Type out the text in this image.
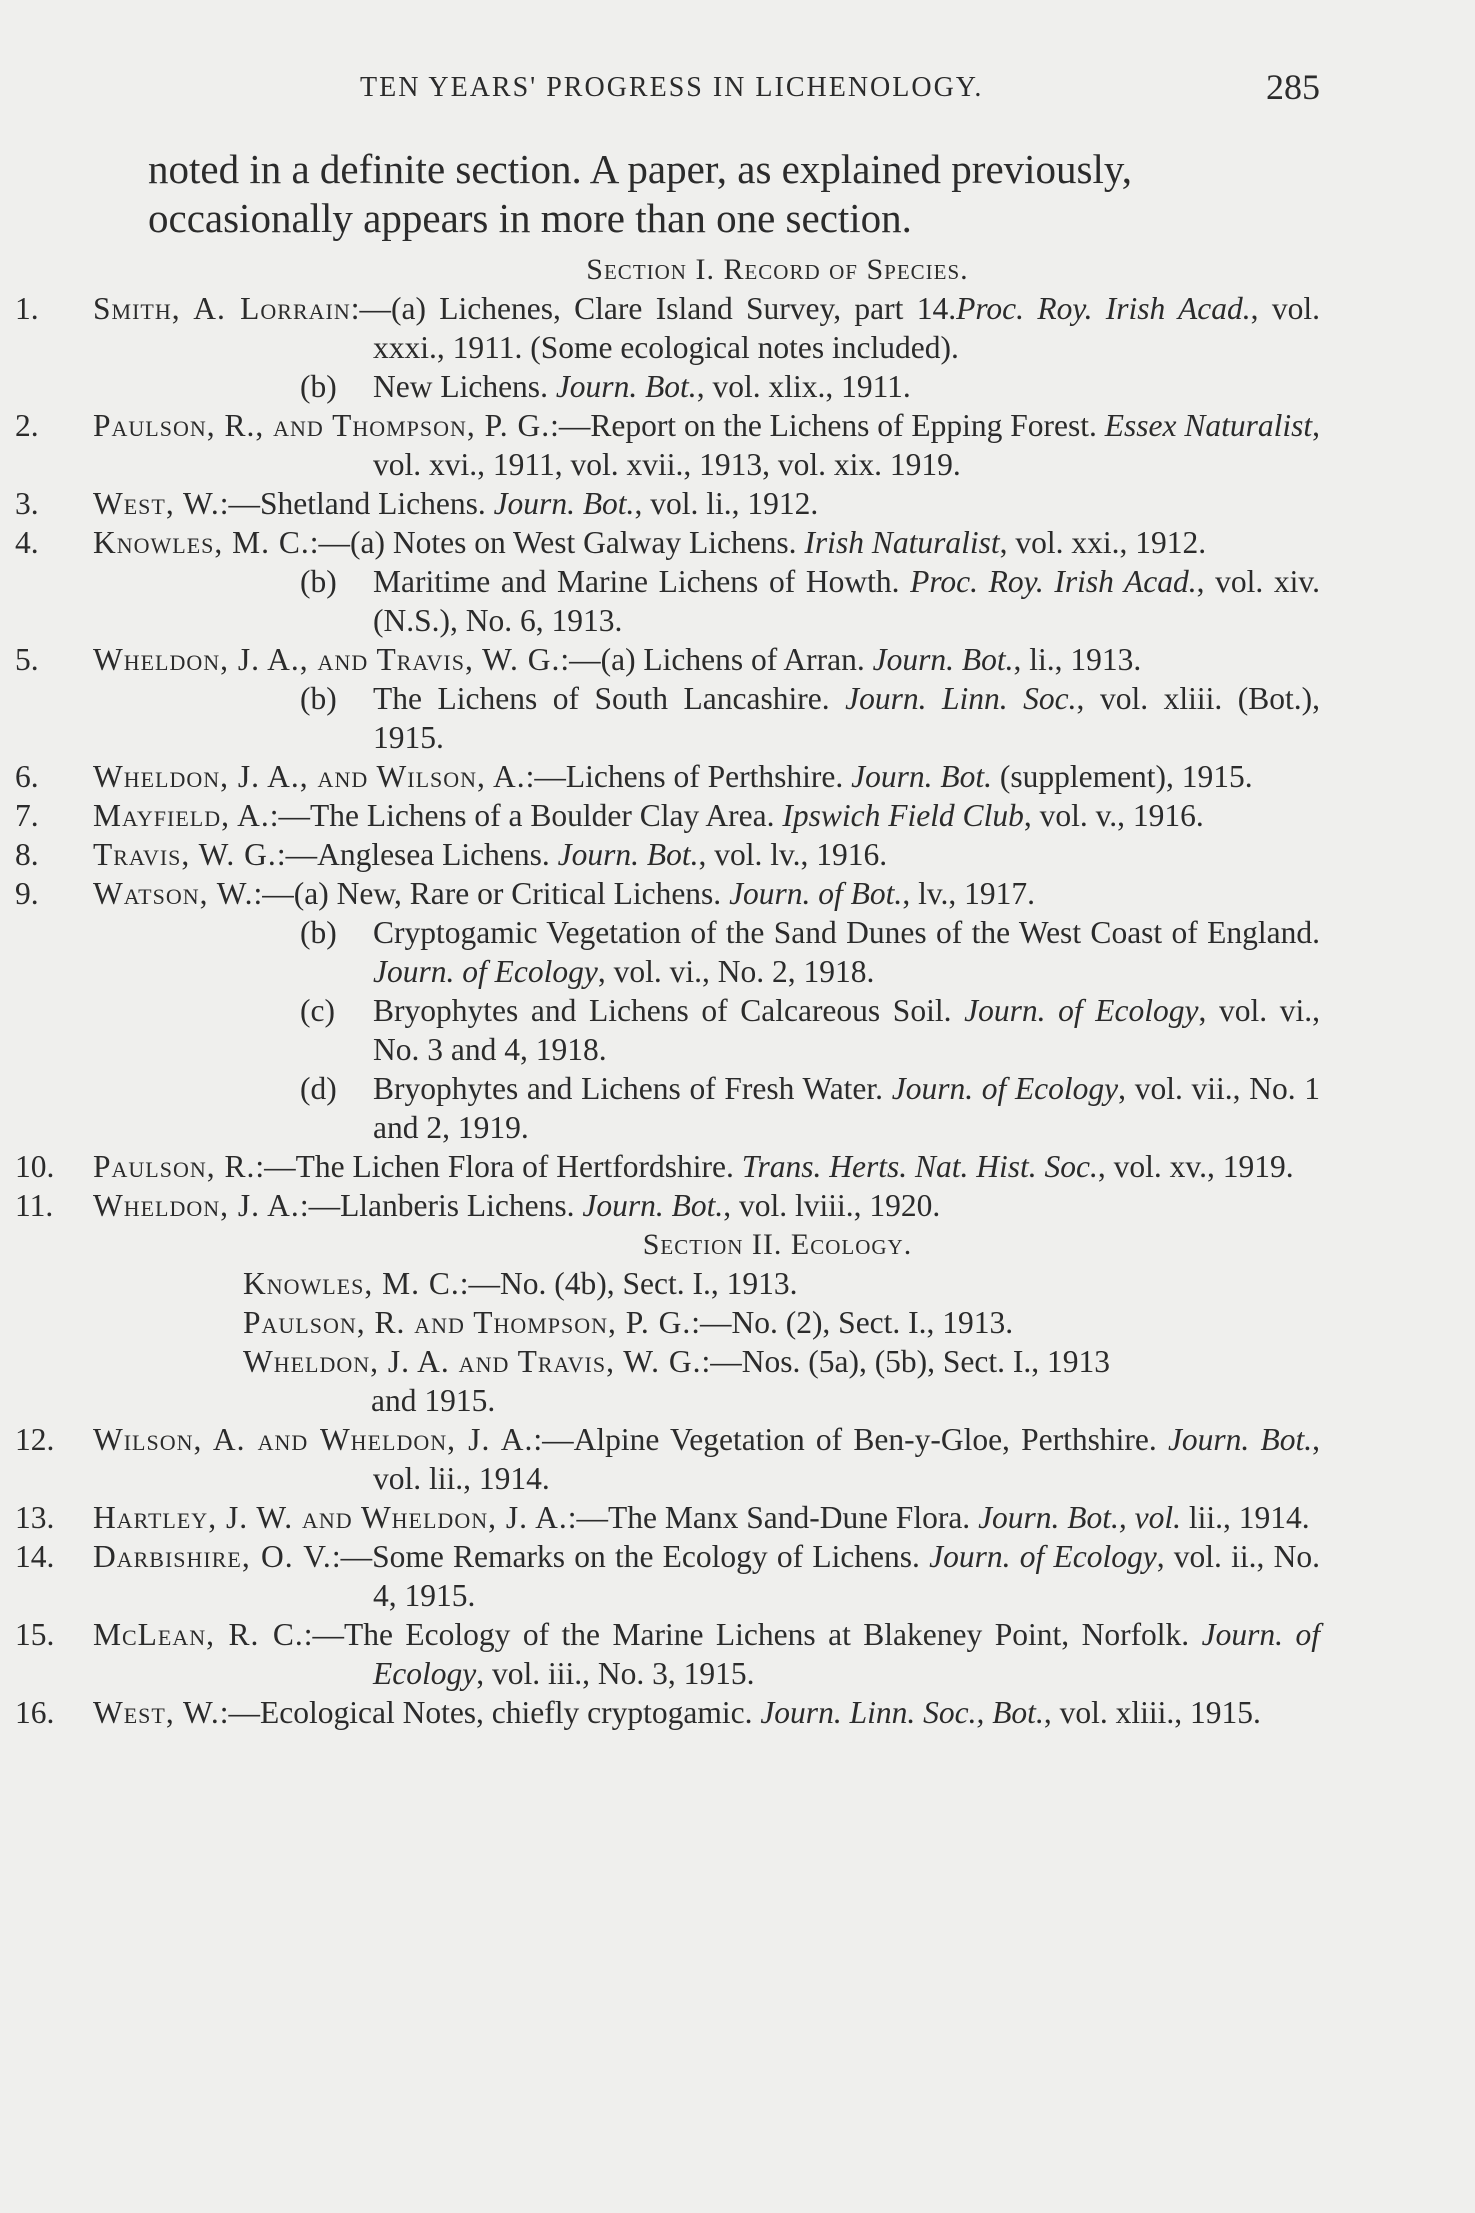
TEN YEARS' PROGRESS IN LICHENOLOGY.	285
noted in a definite section. A paper, as explained previously,
occasionally appears in more than one section.
Section I. Record of Species.
1.	Smith, A. Lorrain:—(a) Lichenes, Clare Island Survey, part 14.Proc. Roy. Irish Acad., vol. xxxi., 1911. (Some ecological notes included).
(b) New Lichens. Journ. Bot., vol. xlix., 1911.
2.	Paulson, R., and Thompson, P. G.:—Report on the Lichens of Epping Forest. Essex Naturalist, vol. xvi., 1911, vol. xvii., 1913, vol. xix. 1919.
3.	West, W.:—Shetland Lichens. Journ. Bot., vol. li., 1912.
4.	Knowles, M. C.:—(a) Notes on West Galway Lichens. Irish Naturalist, vol. xxi., 1912.
(b) Maritime and Marine Lichens of Howth. Proc. Roy. Irish Acad., vol. xiv. (N.S.), No. 6, 1913.
5.	Wheldon, J. A., and Travis, W. G.:—(a) Lichens of Arran. Journ. Bot., li., 1913.
(b) The Lichens of South Lancashire. Journ. Linn. Soc., vol. xliii. (Bot.), 1915.
6.	Wheldon, J. A., and Wilson, A.:—Lichens of Perthshire. Journ. Bot. (supplement), 1915.
7.	Mayfield, A.:—The Lichens of a Boulder Clay Area. Ipswich Field Club, vol. v., 1916.
8.	Travis, W. G.:—Anglesea Lichens. Journ. Bot., vol. lv., 1916.
9.	Watson, W.:—(a) New, Rare or Critical Lichens. Journ. of Bot., lv., 1917.
(b) Cryptogamic Vegetation of the Sand Dunes of the West Coast of England. Journ. of Ecology, vol. vi., No. 2, 1918.
(c) Bryophytes and Lichens of Calcareous Soil. Journ. of Ecology, vol. vi., No. 3 and 4, 1918.
(d) Bryophytes and Lichens of Fresh Water. Journ. of Ecology, vol. vii., No. 1 and 2, 1919.
10.	Paulson, R.:—The Lichen Flora of Hertfordshire. Trans. Herts. Nat. Hist. Soc., vol. xv., 1919.
11.	Wheldon, J. A.:—Llanberis Lichens. Journ. Bot., vol. lviii., 1920.
Section II. Ecology.
Knowles, M. C.:—No. (4b), Sect. I., 1913.
Paulson, R. and Thompson, P. G.:—No. (2), Sect. I., 1913.
Wheldon, J. A. and Travis, W. G.:—Nos. (5a), (5b), Sect. I., 1913
and 1915.
12.	Wilson, A. and Wheldon, J. A.:—Alpine Vegetation of Ben-y-Gloe, Perthshire. Journ. Bot., vol. lii., 1914.
13.	Hartley, J. W. and Wheldon, J. A.:—The Manx Sand-Dune Flora. Journ. Bot., vol. lii., 1914.
14.	Darbishire, O. V.:—Some Remarks on the Ecology of Lichens. Journ. of Ecology, vol. ii., No. 4, 1915.
15.	McLean, R. C.:—The Ecology of the Marine Lichens at Blakeney Point, Norfolk. Journ. of Ecology, vol. iii., No. 3, 1915.
16.	West, W.:—Ecological Notes, chiefly cryptogamic. Journ. Linn. Soc., Bot., vol. xliii., 1915.
